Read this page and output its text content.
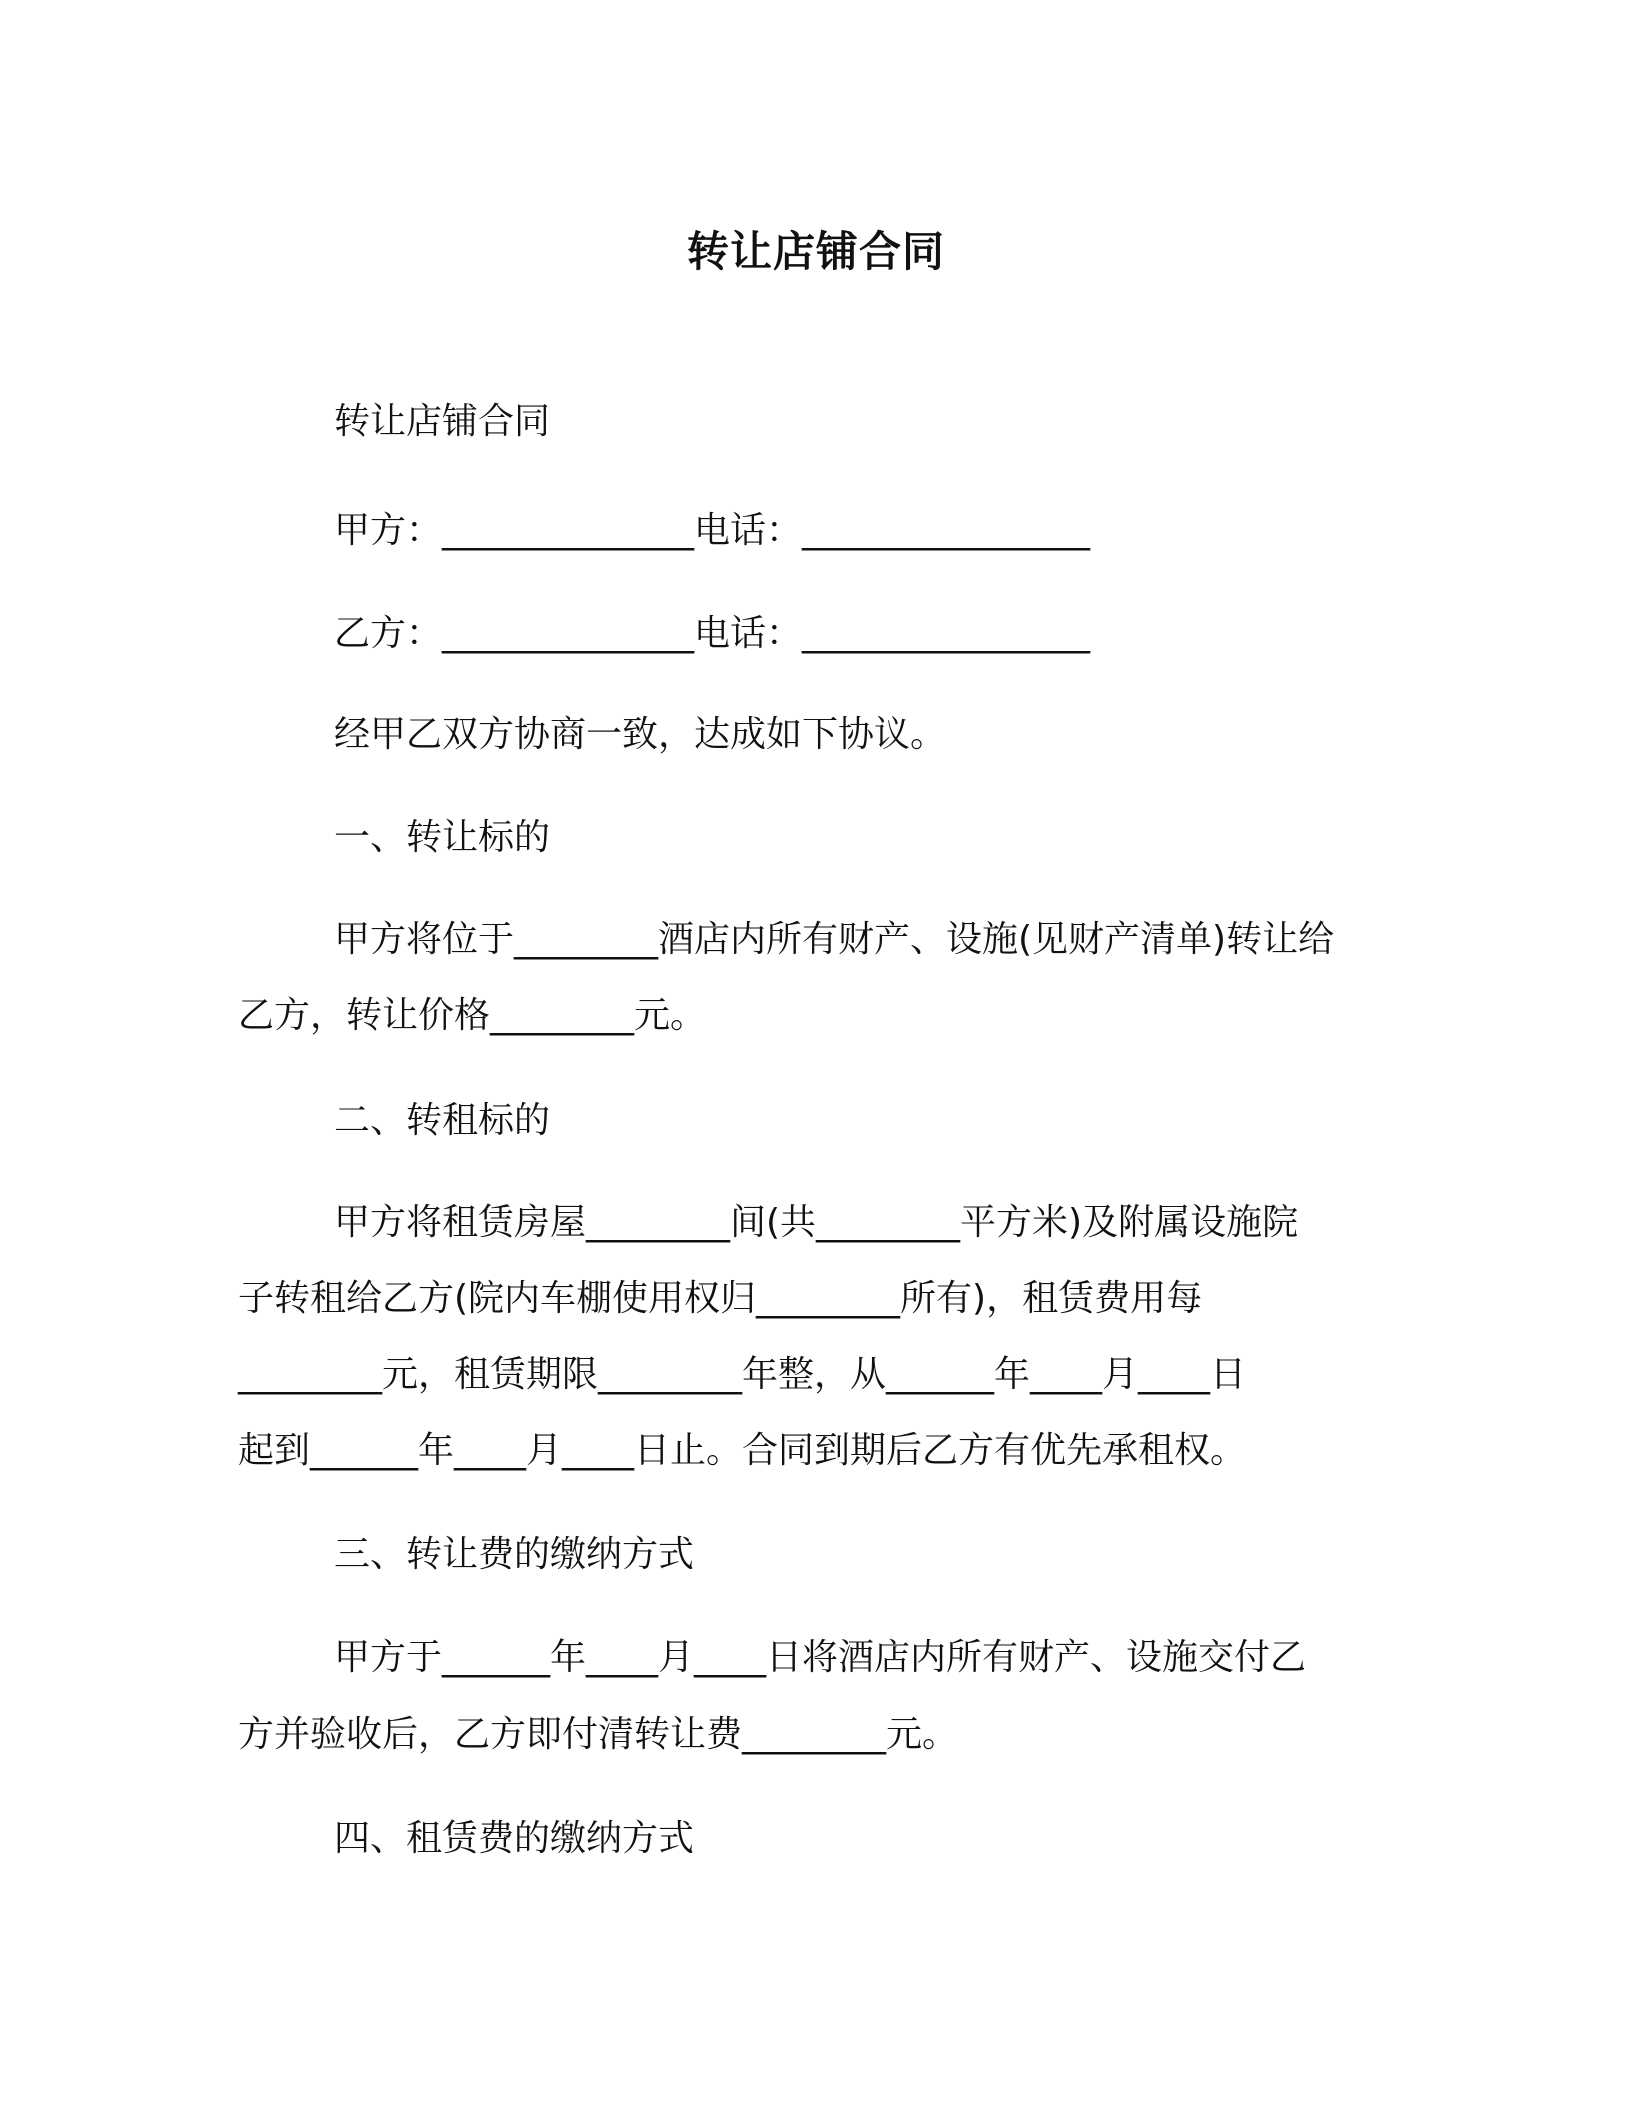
转让店铺合同
转让店铺合同
甲方：______________电话：________________
乙方：______________电话：________________
经甲乙双方协商一致，达成如下协议。
一、转让标的
甲方将位于________酒店内所有财产、设施(见财产清单)转让给
乙方，转让价格________元。
二、转租标的
甲方将租赁房屋________间(共________平方米)及附属设施院
子转租给乙方(院内车棚使用权归________所有)，租赁费用每
________元，租赁期限________年整，从______年____月____日
起到______年____月____日止。合同到期后乙方有优先承租权。
三、转让费的缴纳方式
甲方于______年____月____日将酒店内所有财产、设施交付乙
方并验收后，乙方即付清转让费________元。
四、租赁费的缴纳方式
